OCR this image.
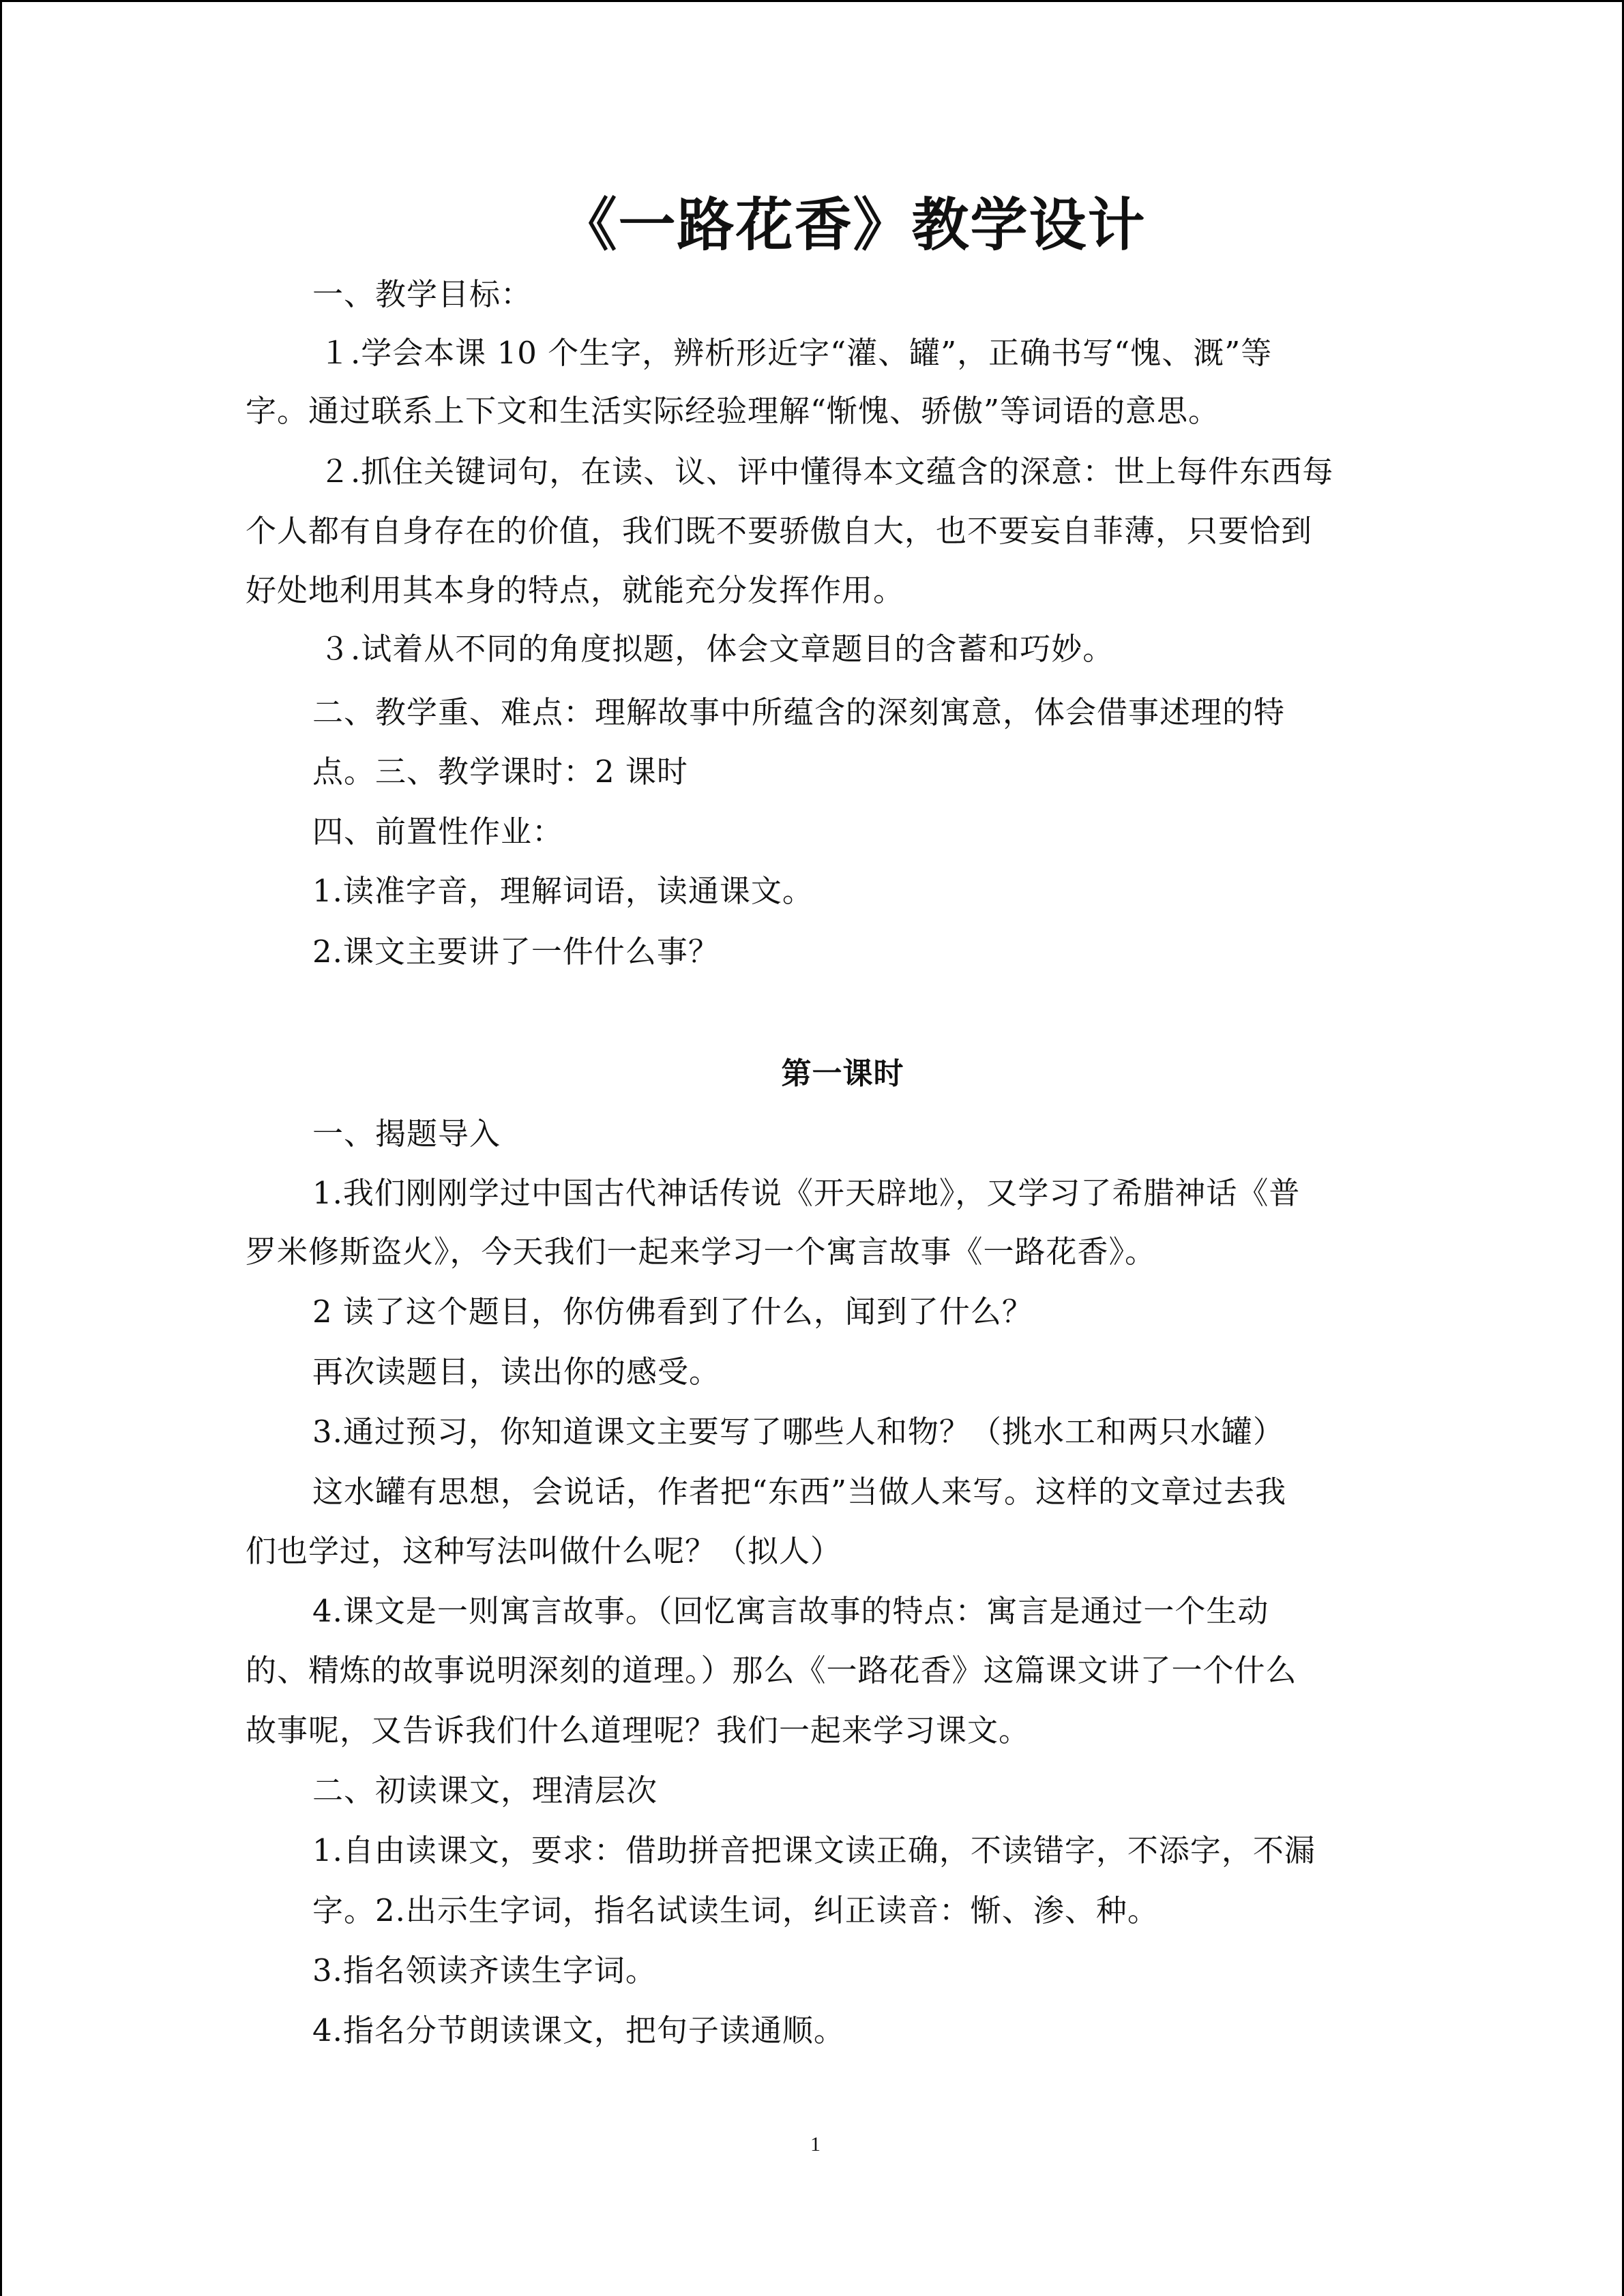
《一路花香》教学设计
一、教学目标：
１.学会本课 10 个生字，辨析形近字“灌、罐”，正确书写“愧、溉”等
字。通过联系上下文和生活实际经验理解“惭愧、骄傲”等词语的意思。
２.抓住关键词句，在读、议、评中懂得本文蕴含的深意：世上每件东西每
个人都有自身存在的价值，我们既不要骄傲自大，也不要妄自菲薄，只要恰到
好处地利用其本身的特点，就能充分发挥作用。
３.试着从不同的角度拟题，体会文章题目的含蓄和巧妙。
二、教学重、难点：理解故事中所蕴含的深刻寓意，体会借事述理的特
点。三、教学课时：2 课时
四、前置性作业：
1.读准字音，理解词语，读通课文。
2.课文主要讲了一件什么事？
第一课时
一、揭题导入
1.我们刚刚学过中国古代神话传说《开天辟地》，又学习了希腊神话《普
罗米修斯盗火》，今天我们一起来学习一个寓言故事《一路花香》。
2 读了这个题目，你仿佛看到了什么，闻到了什么？
再次读题目，读出你的感受。
3.通过预习，你知道课文主要写了哪些人和物？（挑水工和两只水罐）
这水罐有思想，会说话，作者把“东西”当做人来写。这样的文章过去我
们也学过，这种写法叫做什么呢？（拟人）
4.课文是一则寓言故事。（回忆寓言故事的特点：寓言是通过一个生动
的、精炼的故事说明深刻的道理。）那么《一路花香》这篇课文讲了一个什么
故事呢，又告诉我们什么道理呢？我们一起来学习课文。
二、初读课文，理清层次
1.自由读课文，要求：借助拼音把课文读正确，不读错字，不添字，不漏
字。2.出示生字词，指名试读生词，纠正读音：惭、渗、种。
3.指名领读齐读生字词。
4.指名分节朗读课文，把句子读通顺。
1
